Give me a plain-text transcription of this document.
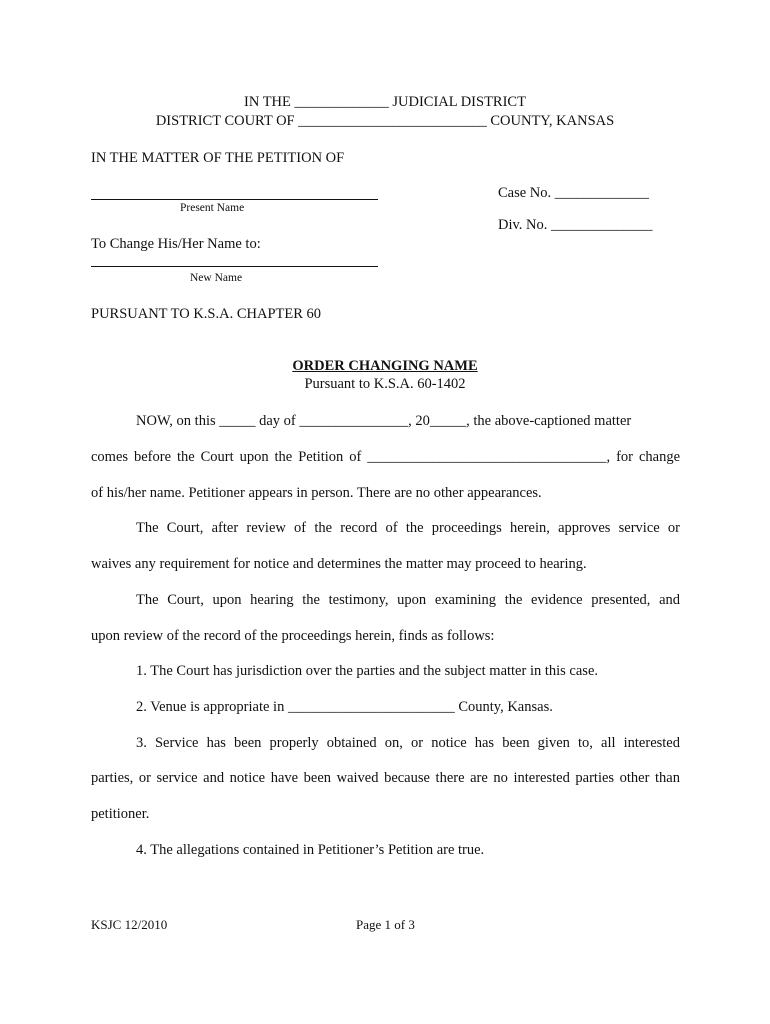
IN THE _____________ JUDICIAL DISTRICT
DISTRICT COURT OF __________________________ COUNTY, KANSAS
IN THE MATTER OF THE PETITION OF
Present Name
Case No. _____________
Div. No. ______________
To Change His/Her Name to:
New Name
PURSUANT TO K.S.A. CHAPTER 60
ORDER CHANGING NAME
Pursuant to K.S.A. 60-1402
NOW, on this _____ day of _______________, 20_____, the above-captioned matter
comes before the Court upon the Petition of _________________________________, for change
of his/her name. Petitioner appears in person. There are no other appearances.
The Court, after review of the record of the proceedings herein, approves service or
waives any requirement for notice and determines the matter may proceed to hearing.
The Court, upon hearing the testimony, upon examining the evidence presented, and
upon review of the record of the proceedings herein, finds as follows:
1. The Court has jurisdiction over the parties and the subject matter in this case.
2. Venue is appropriate in _______________________ County, Kansas.
3. Service has been properly obtained on, or notice has been given to, all interested
parties, or service and notice have been waived because there are no interested parties other than
petitioner.
4. The allegations contained in Petitioner’s Petition are true.
KSJC 12/2010	Page 1 of 3
